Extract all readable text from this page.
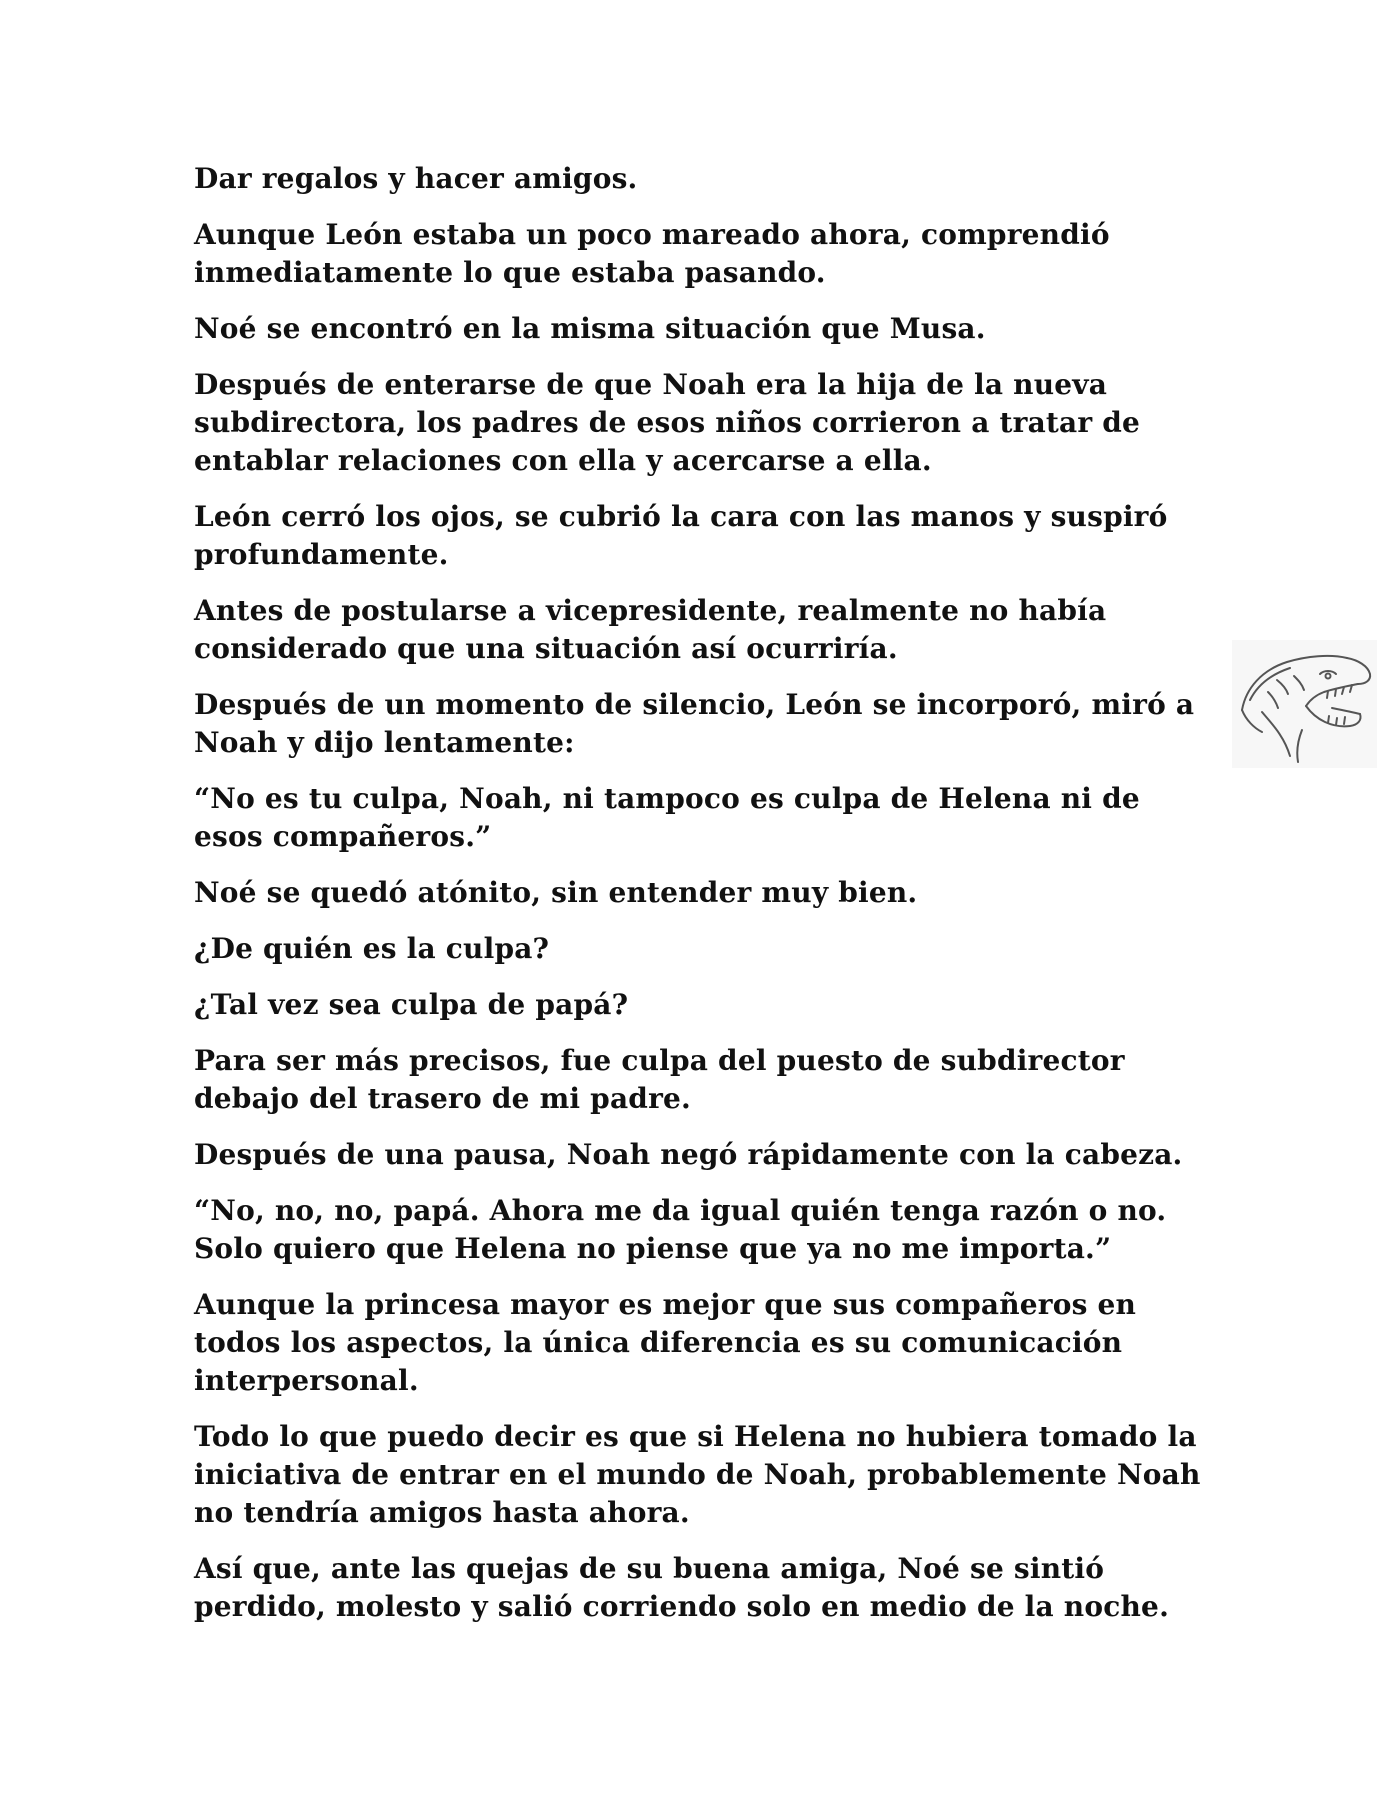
Dar regalos y hacer amigos.

Aunque León estaba un poco mareado ahora, comprendió inmediatamente lo que estaba pasando.

Noé se encontró en la misma situación que Musa.

Después de enterarse de que Noah era la hija de la nueva subdirectora, los padres de esos niños corrieron a tratar de entablar relaciones con ella y acercarse a ella.

León cerró los ojos, se cubrió la cara con las manos y suspiró profundamente.

Antes de postularse a vicepresidente, realmente no había considerado que una situación así ocurriría.

Después de un momento de silencio, León se incorporó, miró a Noah y dijo lentamente:

“No es tu culpa, Noah, ni tampoco es culpa de Helena ni de esos compañeros.”

Noé se quedó atónito, sin entender muy bien.

¿De quién es la culpa?

¿Tal vez sea culpa de papá?

Para ser más precisos, fue culpa del puesto de subdirector debajo del trasero de mi padre.

Después de una pausa, Noah negó rápidamente con la cabeza.

“No, no, no, papá. Ahora me da igual quién tenga razón o no. Solo quiero que Helena no piense que ya no me importa.”

Aunque la princesa mayor es mejor que sus compañeros en todos los aspectos, la única diferencia es su comunicación interpersonal.

Todo lo que puedo decir es que si Helena no hubiera tomado la iniciativa de entrar en el mundo de Noah, probablemente Noah no tendría amigos hasta ahora.

Así que, ante las quejas de su buena amiga, Noé se sintió perdido, molesto y salió corriendo solo en medio de la noche.
